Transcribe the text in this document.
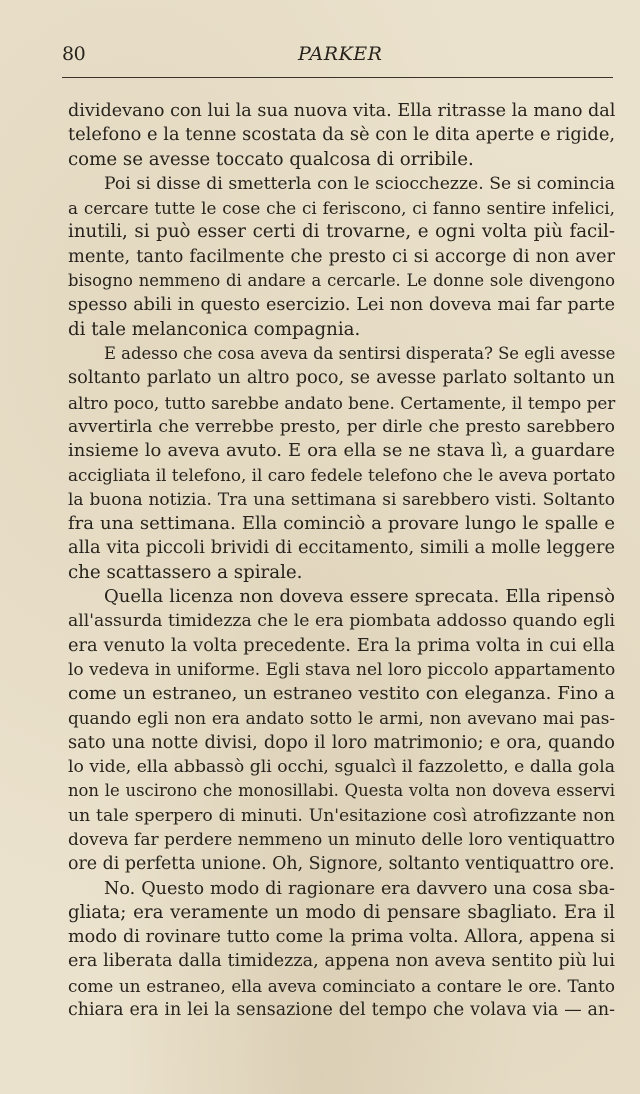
80	PARKER
dividevano con lui la sua nuova vita. Ella ritrasse la mano dal
telefono e la tenne scostata da sè con le dita aperte e rigide,
come se avesse toccato qualcosa di orribile.
Poi si disse di smetterla con le sciocchezze. Se si comincia
a cercare tutte le cose che ci feriscono, ci fanno sentire infelici,
inutili, si può esser certi di trovarne, e ogni volta più facil-
mente, tanto facilmente che presto ci si accorge di non aver
bisogno nemmeno di andare a cercarle. Le donne sole divengono
spesso abili in questo esercizio. Lei non doveva mai far parte
di tale melanconica compagnia.
E adesso che cosa aveva da sentirsi disperata? Se egli avesse
soltanto parlato un altro poco, se avesse parlato soltanto un
altro poco, tutto sarebbe andato bene. Certamente, il tempo per
avvertirla che verrebbe presto, per dirle che presto sarebbero
insieme lo aveva avuto. E ora ella se ne stava lì, a guardare
accigliata il telefono, il caro fedele telefono che le aveva portato
la buona notizia. Tra una settimana si sarebbero visti. Soltanto
fra una settimana. Ella cominciò a provare lungo le spalle e
alla vita piccoli brividi di eccitamento, simili a molle leggere
che scattassero a spirale.
Quella licenza non doveva essere sprecata. Ella ripensò
all'assurda timidezza che le era piombata addosso quando egli
era venuto la volta precedente. Era la prima volta in cui ella
lo vedeva in uniforme. Egli stava nel loro piccolo appartamento
come un estraneo, un estraneo vestito con eleganza. Fino a
quando egli non era andato sotto le armi, non avevano mai pas-
sato una notte divisi, dopo il loro matrimonio; e ora, quando
lo vide, ella abbassò gli occhi, sgualcì il fazzoletto, e dalla gola
non le uscirono che monosillabi. Questa volta non doveva esservi
un tale sperpero di minuti. Un'esitazione così atrofizzante non
doveva far perdere nemmeno un minuto delle loro ventiquattro
ore di perfetta unione. Oh, Signore, soltanto ventiquattro ore.
No. Questo modo di ragionare era davvero una cosa sba-
gliata; era veramente un modo di pensare sbagliato. Era il
modo di rovinare tutto come la prima volta. Allora, appena si
era liberata dalla timidezza, appena non aveva sentito più lui
come un estraneo, ella aveva cominciato a contare le ore. Tanto
chiara era in lei la sensazione del tempo che volava via — an-
